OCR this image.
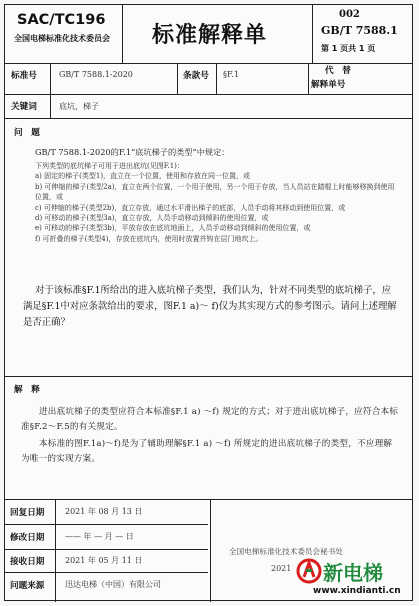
SAC/TC196
全国电梯标准化技术委员会 标准解释单
002
GB/T 7588.1
第 1 页共 1 页
标准号	GB/T 7588.1-2020	条款号 §F.1	代　替
解释单号
关键词	底坑，梯子
问　题
GB/T 7588.1-2020的F.1“底坑梯子的类型”中规定：
下列类型的底坑梯子可用于进出底坑(见图F.1)：
a) 固定的梯子(类型1)，直立在一个位置，使用和存放在同一位置，或
b) 可伸缩的梯子(类型2a)，直立在两个位置，一个用于使用，另一个用于存放，当人员站在踏棍上时能够移换到使用位置，或
c) 可伸缩的梯子(类型2b)，直立存放，通过水平滑出梯子的底部，人员手动将其移动到使用位置，或
d) 可移动的梯子(类型3a)，直立存放，人员手动移动到倾斜的使用位置，或
e) 可移动的梯子(类型3b)，平放存放在底坑地面上，人员手动移动到倾斜的使用位置，或
f) 可折叠的梯子(类型4)，存放在底坑内，使用时放置并钩在层门地坎上。
对于该标准§F.1所给出的进入底坑梯子类型，我们认为，针对不同类型的底坑梯子，应满足§F.1中对应条款给出的要求，图F.1 a)～ f)仅为其实现方式的参考图示。请问上述理解是否正确？
解　释
进出底坑梯子的类型应符合本标准§F.1 a) ～f) 规定的方式；对于进出底坑梯子，应符合本标准§F.2～F.5的有关规定。
本标准的图F.1a)～f)是为了辅助理解§F.1 a) ～f) 所规定的进出底坑梯子的类型，不应理解为唯一的实现方案。
回复日期	2021 年 08 月 13 日
修改日期	—— 年 — 月 — 日
接收日期	2021 年 05 月 11 日
问题来源	迅达电梯（中国）有限公司
全国电梯标准化技术委员会秘书处
2021 新电梯
www.xindianti.cn
